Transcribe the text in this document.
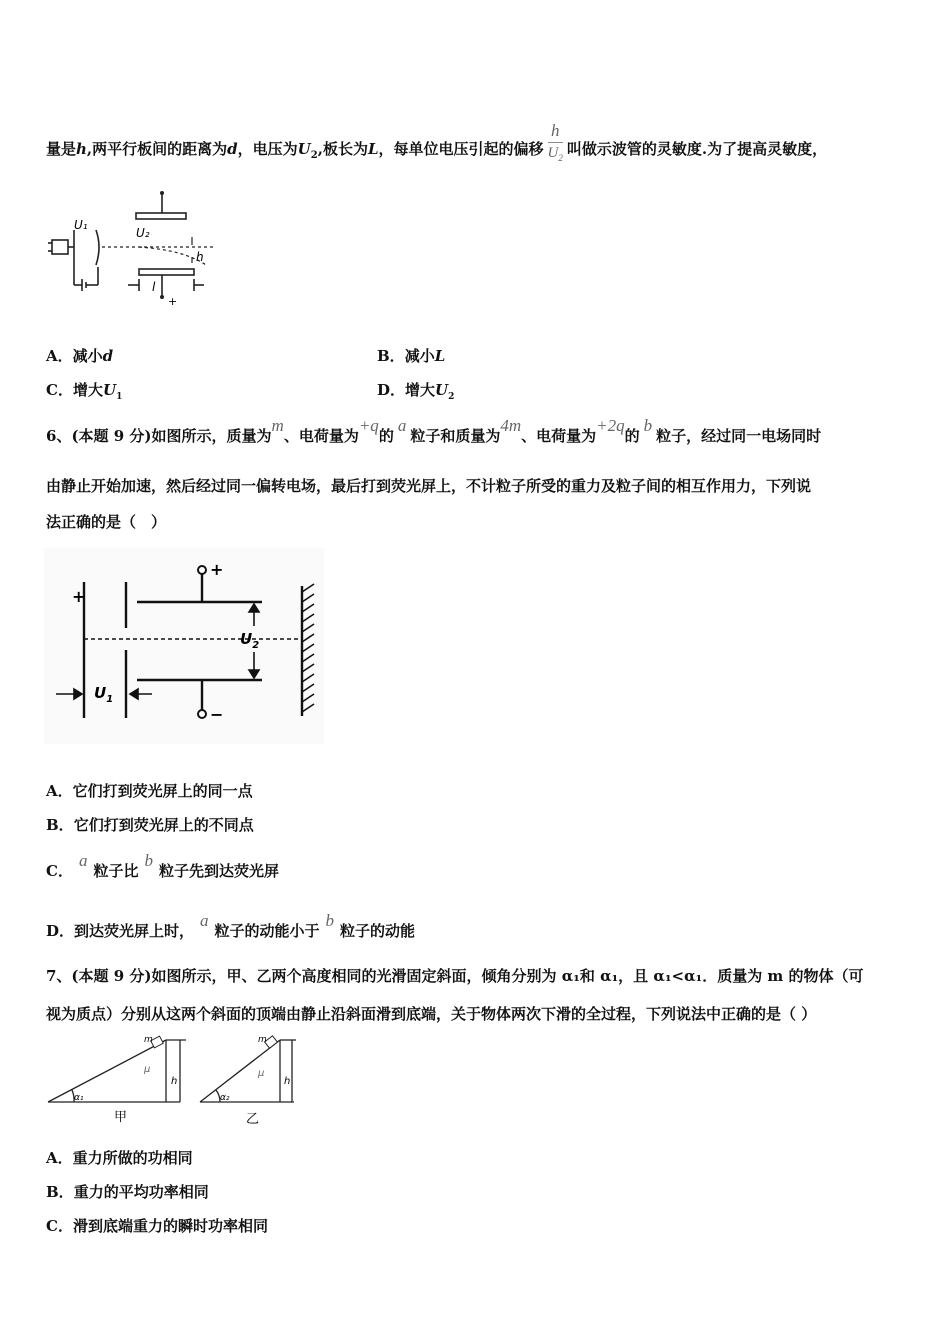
量是h,两平行板间的距离为d，电压为$U_2$,板长为L，每单位电压引起的偏移 $\frac{h}{U_2}$ 叫做示波管的灵敏度.为了提高灵敏度，
U₁
U₂
h
l
+
A．减小d	B．减小L
C．增大$U_1$	D．增大$U_2$
6、(本题 9 分)如图所示，质量为m、电荷量为+q的a粒子和质量为4m、电荷量为+2q的b粒子，经过同一电场同时
由静止开始加速，然后经过同一偏转电场，最后打到荧光屏上，不计粒子所受的重力及粒子间的相互作用力，下列说
法正确的是（　）
+
+
−
$U_2$
$U_1$
A．它们打到荧光屏上的同一点
B．它们打到荧光屏上的不同点
C．a粒子比b粒子先到达荧光屏
D．到达荧光屏上时，a粒子的动能小于b粒子的动能
7、(本题 9 分)如图所示，甲、乙两个高度相同的光滑固定斜面，倾角分别为 α₁和 α₁，且 α₁<α₁．质量为 m 的物体（可
视为质点）分别从这两个斜面的顶端由静止沿斜面滑到底端，关于物体两次下滑的全过程，下列说法中正确的是（ ）
m	m
μ	μ
h	h
α₁	α₂
甲	乙
A．重力所做的功相同
B．重力的平均功率相同
C．滑到底端重力的瞬时功率相同
